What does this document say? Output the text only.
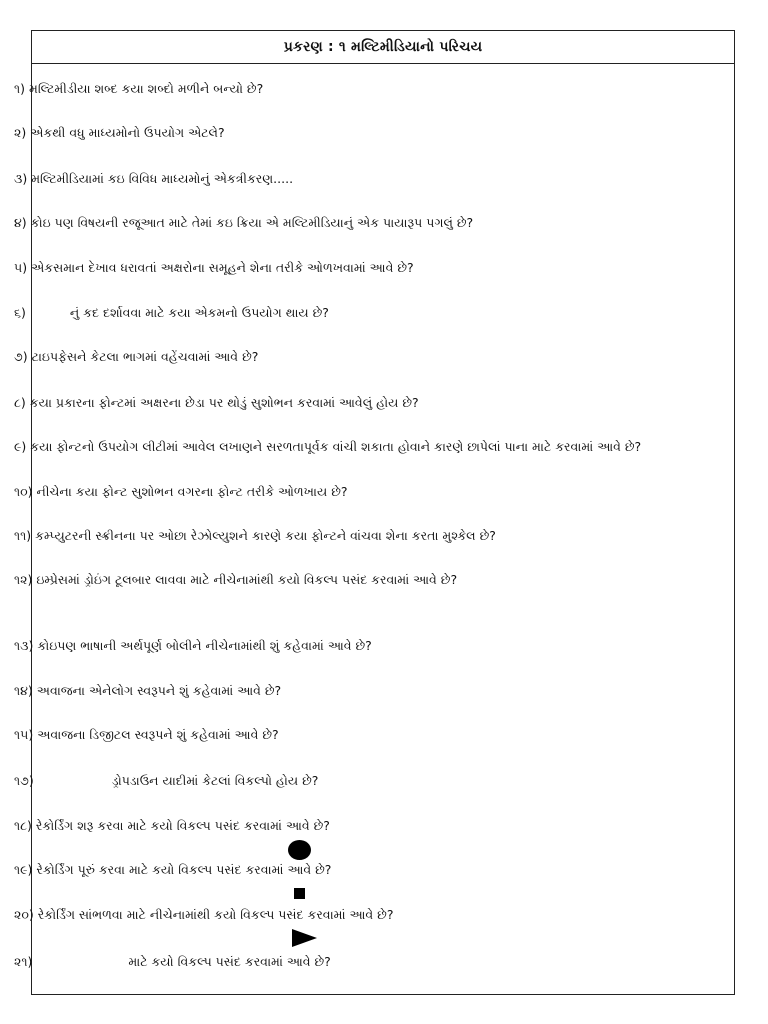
પ્રકરણ : ૧ મલ્ટિમીડિયાનો પરિચય
૧) મલ્ટિમીડીયા શબ્દ કયા શબ્દો મળીને બન્યો છે?
૨) એકથી વધુ માધ્યમોનો ઉપયોગ એટલે?
૩) મલ્ટિમીડિયામાં કઇ વિવિધ માધ્યમોનું એકત્રીકરણ.....
૪) કોઇ પણ વિષયની રજૂઆત માટે તેમાં કઇ ક્રિયા એ મલ્ટિમીડિયાનું એક પાયારૂપ પગલું છે?
૫) એકસમાન દેખાવ ધરાવતાં અક્ષરોના સમૂહને શેના તરીકે ઓળખવામાં આવે છે?
૬)	નું કદ દર્શાવવા માટે કયા એકમનો ઉપયોગ થાય છે?
૭) ટાઇપફેસને કેટલા ભાગમાં વહેંચવામાં આવે છે?
૮) કયા પ્રકારના ફોન્ટમાં અક્ષરના છેડા પર થોડું સુશોભન કરવામાં આવેલું હોય છે?
૯) કયા ફોન્ટનો ઉપયોગ લીટીમાં આવેલ લખાણને સરળતાપૂર્વક વાંચી શકાતા હોવાને કારણે છાપેલાં પાના માટે કરવામાં આવે છે?
૧૦) નીચેના કયા ફોન્ટ સુશોભન વગરના ફોન્ટ તરીકે ઓળખાય છે?
૧૧) કમ્પ્યુટરની સ્ક્રીનના પર ઓછા રેઝોલ્યુશને કારણે કયા ફોન્ટને વાંચવા શેના કરતા મુશ્કેલ છે?
૧૨) ઇમ્પ્રેસમાં ડ્રોઇંગ ટૂલબાર લાવવા માટે નીચેનામાંથી કયો વિકલ્પ પસંદ કરવામાં આવે છે?
૧૩) કોઇપણ ભાષાની અર્થપૂર્ણ બોલીને નીચેનામાંથી શું કહેવામાં આવે છે?
૧૪) અવાજના એનેલોગ સ્વરૂપને શું કહેવામાં આવે છે?
૧૫) અવાજના ડિજીટલ સ્વરૂપને શું કહેવામાં આવે છે?
૧૭)	ડ્રોપડાઉન યાદીમાં કેટલાં વિકલ્પો હોય છે?
૧૮) રેકોર્ડિંગ શરૂ કરવા માટે કયો વિકલ્પ પસંદ કરવામાં આવે છે?
૧૯) રેકોર્ડિંગ પૂરું કરવા માટે કયો વિકલ્પ પસંદ કરવામાં આવે છે?
૨૦) રેકોર્ડિંગ સાંભળવા માટે નીચેનામાંથી કયો વિકલ્પ પસંદ કરવામાં આવે છે?
૨૧)	માટે કયો વિકલ્પ પસંદ કરવામાં આવે છે?
